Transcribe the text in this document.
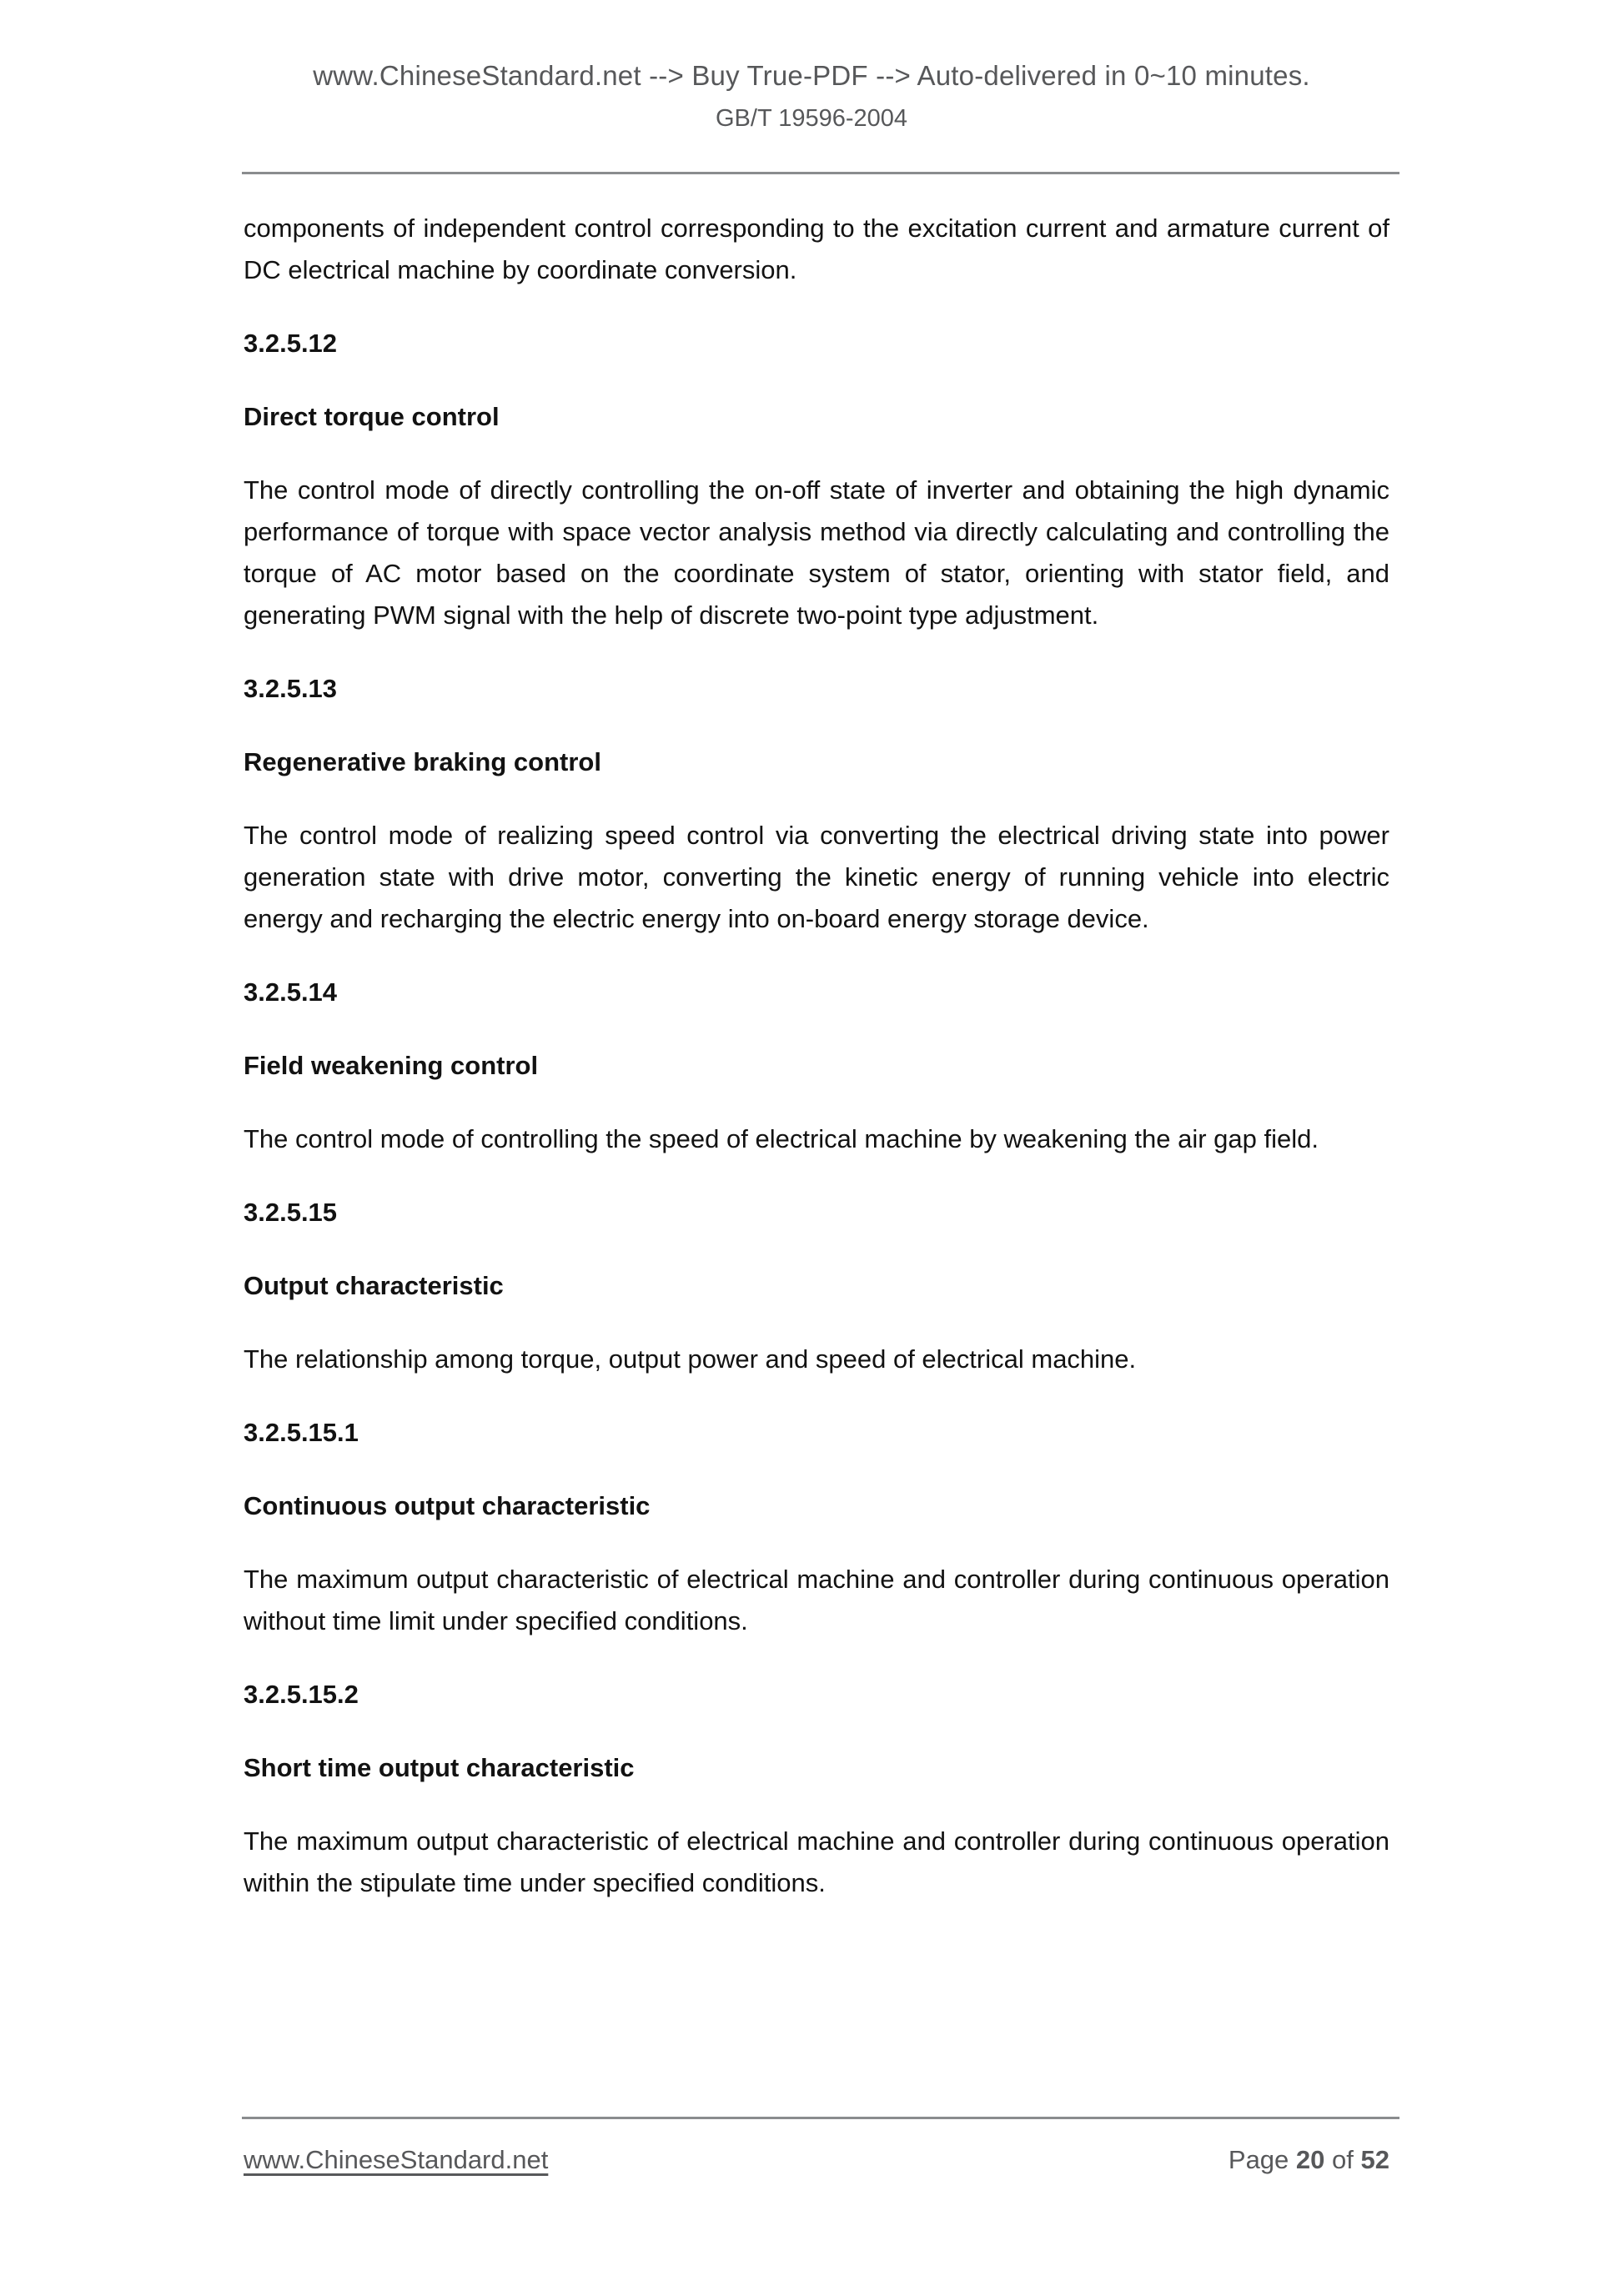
www.ChineseStandard.net --> Buy True-PDF --> Auto-delivered in 0~10 minutes.
GB/T 19596-2004

components of independent control corresponding to the excitation current and armature current of DC electrical machine by coordinate conversion.

3.2.5.12
Direct torque control

The control mode of directly controlling the on-off state of inverter and obtaining the high dynamic performance of torque with space vector analysis method via directly calculating and controlling the torque of AC motor based on the coordinate system of stator, orienting with stator field, and generating PWM signal with the help of discrete two-point type adjustment.

3.2.5.13
Regenerative braking control

The control mode of realizing speed control via converting the electrical driving state into power generation state with drive motor, converting the kinetic energy of running vehicle into electric energy and recharging the electric energy into on-board energy storage device.

3.2.5.14
Field weakening control

The control mode of controlling the speed of electrical machine by weakening the air gap field.

3.2.5.15
Output characteristic

The relationship among torque, output power and speed of electrical machine.

3.2.5.15.1
Continuous output characteristic

The maximum output characteristic of electrical machine and controller during continuous operation without time limit under specified conditions.

3.2.5.15.2
Short time output characteristic

The maximum output characteristic of electrical machine and controller during continuous operation within the stipulate time under specified conditions.

www.ChineseStandard.net	Page 20 of 52
